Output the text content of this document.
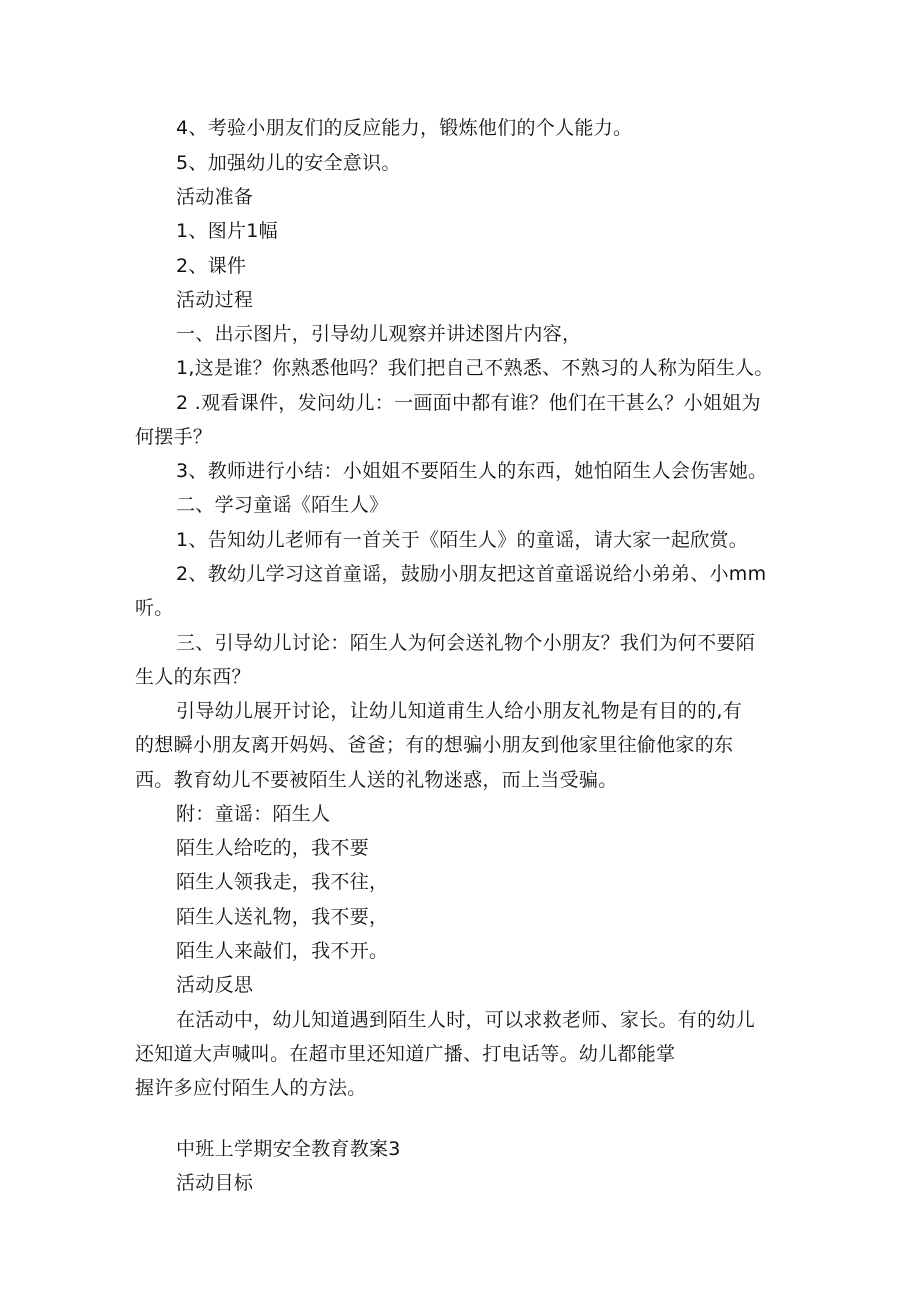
4、考验小朋友们的反应能力，锻炼他们的个人能力。
5、加强幼儿的安全意识。
活动准备
1、图片1幅
2、课件
活动过程
一、出示图片，引导幼儿观察并讲述图片内容，
1,这是谁？你熟悉他吗？我们把自己不熟悉、不熟习的人称为陌生人。
2 .观看课件，发问幼儿：一画面中都有谁？他们在干甚么？小姐姐为
何摆手？
3、教师进行小结：小姐姐不要陌生人的东西，她怕陌生人会伤害她。
二、学习童谣《陌生人》
1、告知幼儿老师有一首关于《陌生人》的童谣，请大家一起欣赏。
2、教幼儿学习这首童谣，鼓励小朋友把这首童谣说给小弟弟、小mm
听。
三、引导幼儿讨论：陌生人为何会送礼物个小朋友？我们为何不要陌
生人的东西？
引导幼儿展开讨论，让幼儿知道甫生人给小朋友礼物是有目的的,有
的想瞬小朋友离开妈妈、爸爸；有的想骗小朋友到他家里往偷他家的东
西。教育幼儿不要被陌生人送的礼物迷惑，而上当受骗。
附：童谣：陌生人
陌生人给吃的，我不要
陌生人领我走，我不往，
陌生人送礼物，我不要，
陌生人来敲们，我不开。
活动反思
在活动中，幼儿知道遇到陌生人时，可以求救老师、家长。有的幼儿
还知道大声喊叫。在超市里还知道广播、打电话等。幼儿都能掌
握许多应付陌生人的方法。
中班上学期安全教育教案3
活动目标
